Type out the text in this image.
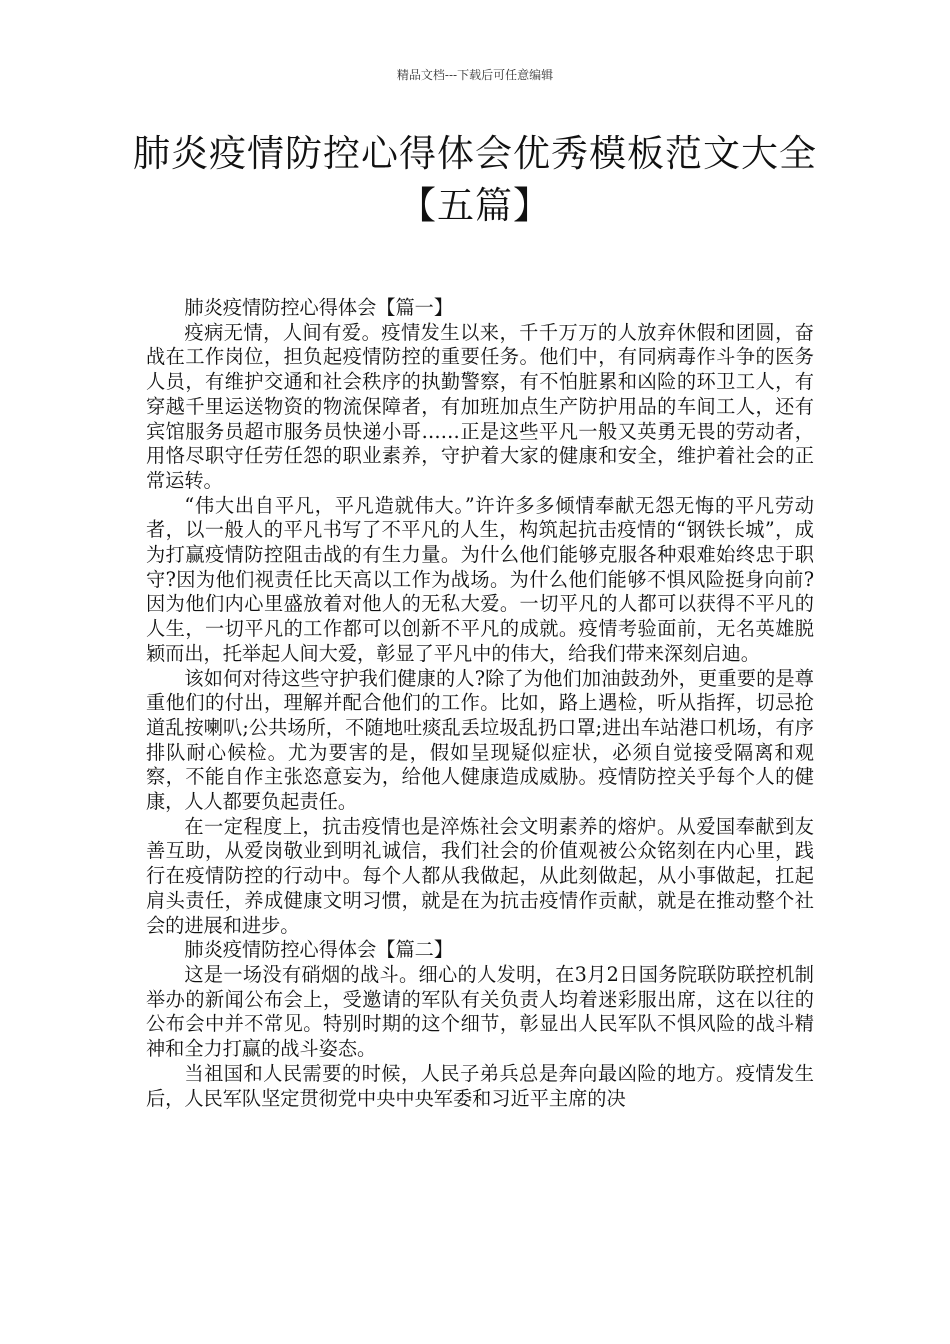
精品文档---下载后可任意编辑
肺炎疫情防控心得体会优秀模板范文大全【五篇】

肺炎疫情防控心得体会【篇一】

疫病无情，人间有爱。疫情发生以来，千千万万的人放弃休假和团圆，奋战在工作岗位，担负起疫情防控的重要任务。他们中，有同病毒作斗争的医务人员，有维护交通和社会秩序的执勤警察，有不怕脏累和凶险的环卫工人，有穿越千里运送物资的物流保障者，有加班加点生产防护用品的车间工人，还有宾馆服务员超市服务员快递小哥……正是这些平凡一般又英勇无畏的劳动者，用恪尽职守任劳任怨的职业素养，守护着大家的健康和安全，维护着社会的正常运转。

“伟大出自平凡，平凡造就伟大。”许许多多倾情奉献无怨无悔的平凡劳动者，以一般人的平凡书写了不平凡的人生，构筑起抗击疫情的“钢铁长城”，成为打赢疫情防控阻击战的有生力量。为什么他们能够克服各种艰难始终忠于职守?因为他们视责任比天高以工作为战场。为什么他们能够不惧风险挺身向前?因为他们内心里盛放着对他人的无私大爱。一切平凡的人都可以获得不平凡的人生，一切平凡的工作都可以创新不平凡的成就。疫情考验面前，无名英雄脱颖而出，托举起人间大爱，彰显了平凡中的伟大，给我们带来深刻启迪。

该如何对待这些守护我们健康的人?除了为他们加油鼓劲外，更重要的是尊重他们的付出，理解并配合他们的工作。比如，路上遇检，听从指挥，切忌抢道乱按喇叭;公共场所，不随地吐痰乱丢垃圾乱扔口罩;进出车站港口机场，有序排队耐心候检。尤为要害的是，假如呈现疑似症状，必须自觉接受隔离和观察，不能自作主张恣意妄为，给他人健康造成威胁。疫情防控关乎每个人的健康，人人都要负起责任。

在一定程度上，抗击疫情也是淬炼社会文明素养的熔炉。从爱国奉献到友善互助，从爱岗敬业到明礼诚信，我们社会的价值观被公众铭刻在内心里，践行在疫情防控的行动中。每个人都从我做起，从此刻做起，从小事做起，扛起肩头责任，养成健康文明习惯，就是在为抗击疫情作贡献，就是在推动整个社会的进展和进步。

肺炎疫情防控心得体会【篇二】

这是一场没有硝烟的战斗。细心的人发明，在3月2日国务院联防联控机制举办的新闻公布会上，受邀请的军队有关负责人均着迷彩服出席，这在以往的公布会中并不常见。特别时期的这个细节，彰显出人民军队不惧风险的战斗精神和全力打赢的战斗姿态。

当祖国和人民需要的时候，人民子弟兵总是奔向最凶险的地方。疫情发生后，人民军队坚定贯彻党中央中央军委和习近平主席的决
